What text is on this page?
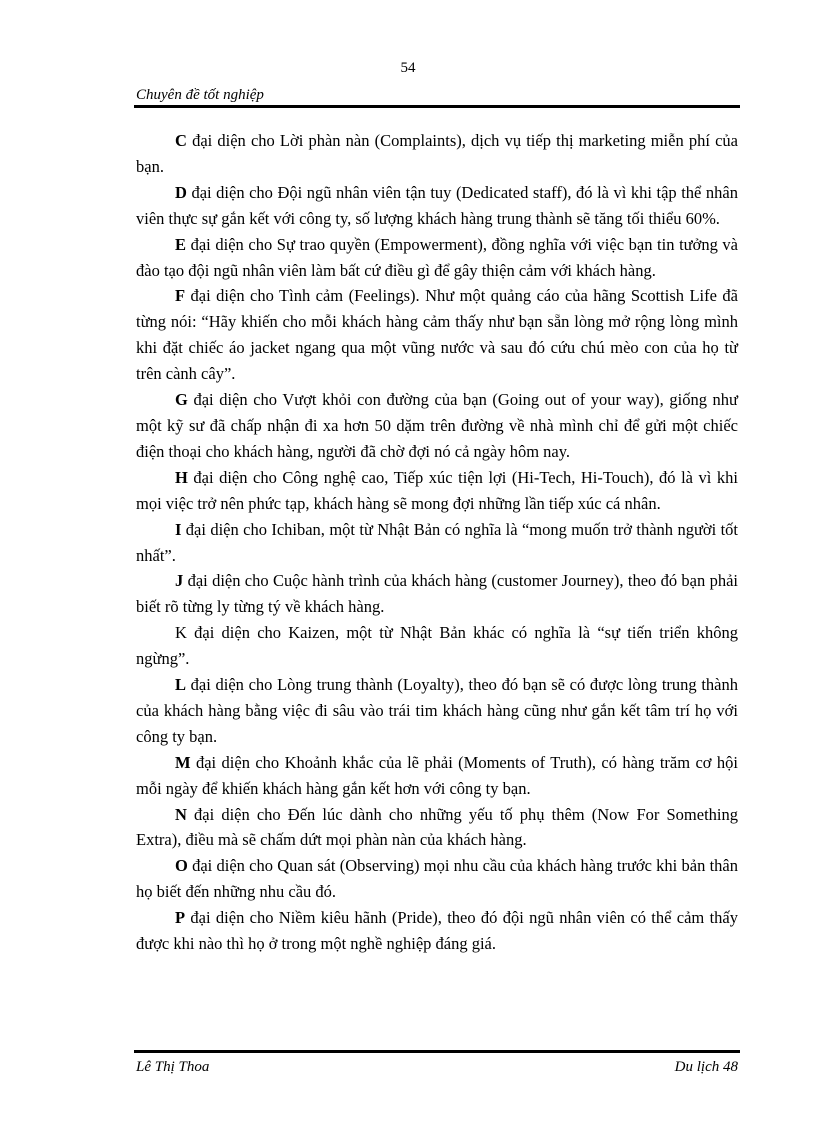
54
Chuyên đề tốt nghiệp

C đại diện cho Lời phàn nàn (Complaints), dịch vụ tiếp thị marketing miễn phí của bạn.

D đại diện cho Đội ngũ nhân viên tận tuy (Dedicated staff), đó là vì khi tập thể nhân viên thực sự gắn kết với công ty, số lượng khách hàng trung thành sẽ tăng tối thiểu 60%.

E đại diện cho Sự trao quyền (Empowerment), đồng nghĩa với việc bạn tin tưởng và đào tạo đội ngũ nhân viên làm bất cứ điều gì để gây thiện cảm với khách hàng.

F đại diện cho Tình cảm (Feelings). Như một quảng cáo của hãng Scottish Life đã từng nói: “Hãy khiến cho mỗi khách hàng cảm thấy như bạn sẵn lòng mở rộng lòng mình khi đặt chiếc áo jacket ngang qua một vũng nước và sau đó cứu chú mèo con của họ từ trên cành cây”.

G đại diện cho Vượt khỏi con đường của bạn (Going out of your way), giống như một kỹ sư đã chấp nhận đi xa hơn 50 dặm trên đường về nhà mình chỉ để gửi một chiếc điện thoại cho khách hàng, người đã chờ đợi nó cả ngày hôm nay.

H đại diện cho Công nghệ cao, Tiếp xúc tiện lợi (Hi-Tech, Hi-Touch), đó là vì khi mọi việc trở nên phức tạp, khách hàng sẽ mong đợi những lần tiếp xúc cá nhân.

I đại diện cho Ichiban, một từ Nhật Bản có nghĩa là “mong muốn trở thành người tốt nhất”.

J đại diện cho Cuộc hành trình của khách hàng (customer Journey), theo đó bạn phải biết rõ từng ly từng tý về khách hàng.

K đại diện cho Kaizen, một từ Nhật Bản khác có nghĩa là “sự tiến triển không ngừng”.

L đại diện cho Lòng trung thành (Loyalty), theo đó bạn sẽ có được lòng trung thành của khách hàng bằng việc đi sâu vào trái tim khách hàng cũng như gắn kết tâm trí họ với công ty bạn.

M đại diện cho Khoảnh khắc của lẽ phải (Moments of Truth), có hàng trăm cơ hội mỗi ngày để khiến khách hàng gắn kết hơn với công ty bạn.

N đại diện cho Đến lúc dành cho những yếu tố phụ thêm (Now For Something Extra), điều mà sẽ chấm dứt mọi phàn nàn của khách hàng.

O đại diện cho Quan sát (Observing) mọi nhu cầu của khách hàng trước khi bản thân họ biết đến những nhu cầu đó.

P đại diện cho Niềm kiêu hãnh (Pride), theo đó đội ngũ nhân viên có thể cảm thấy được khi nào thì họ ở trong một nghề nghiệp đáng giá.

Lê Thị Thoa	Du lịch 48
